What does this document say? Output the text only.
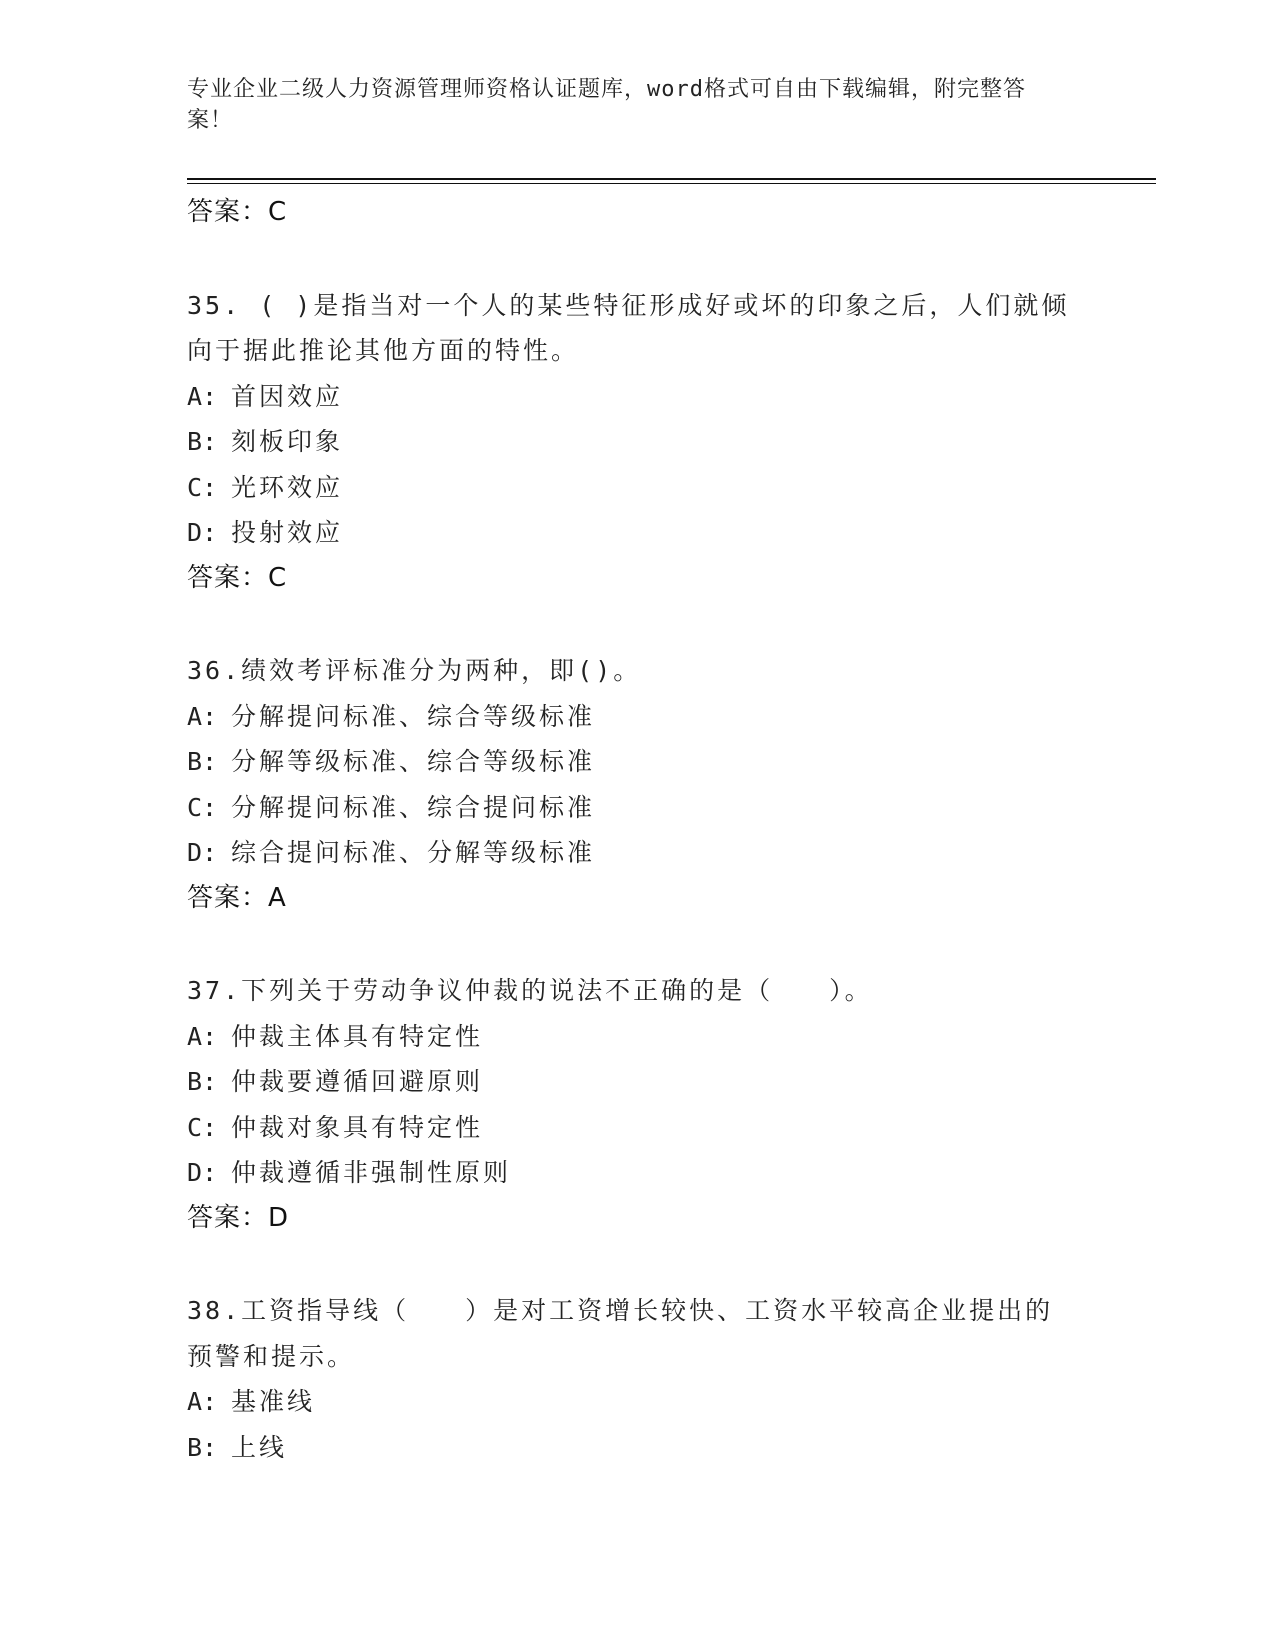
专业企业二级人力资源管理师资格认证题库，word格式可自由下载编辑，附完整答案！
答案：C
35. ( )是指当对一个人的某些特征形成好或坏的印象之后，人们就倾
向于据此推论其他方面的特性。
A: 首因效应
B: 刻板印象
C: 光环效应
D: 投射效应
答案：C
36.绩效考评标准分为两种，即()。
A: 分解提问标准、综合等级标准
B: 分解等级标准、综合等级标准
C: 分解提问标准、综合提问标准
D: 综合提问标准、分解等级标准
答案：A
37.下列关于劳动争议仲裁的说法不正确的是（　　）。
A: 仲裁主体具有特定性
B: 仲裁要遵循回避原则
C: 仲裁对象具有特定性
D: 仲裁遵循非强制性原则
答案：D
38.工资指导线（　　）是对工资增长较快、工资水平较高企业提出的
预警和提示。
A: 基准线
B: 上线
